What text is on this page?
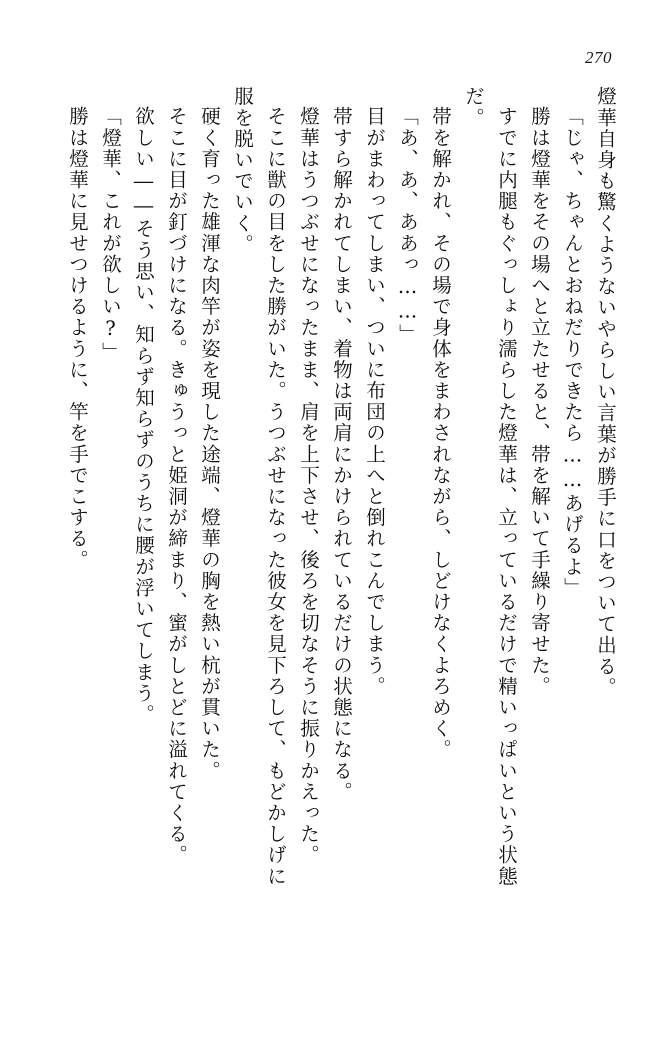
270
燈華自身も驚くようないやらしい言葉が勝手に口をついて出る。
「じゃ、ちゃんとおねだりできたら……あげるよ」
勝は燈華をその場へと立たせると、帯を解いて手繰り寄せた。
すでに内腿もぐっしょり濡らした燈華は、立っているだけで精いっぱいという状態
だ。
帯を解かれ、その場で身体をまわされながら、しどけなくよろめく。
「あ、あ、ああっ……」
目がまわってしまい、ついに布団の上へと倒れこんでしまう。
帯すら解かれてしまい、着物は両肩にかけられているだけの状態になる。
燈華はうつぶせになったまま、肩を上下させ、後ろを切なそうに振りかえった。
そこに獣の目をした勝がいた。うつぶせになった彼女を見下ろして、もどかしげに
服を脱いでいく。
硬く育った雄渾な肉竿が姿を現した途端、燈華の胸を熱い杭が貫いた。
そこに目が釘づけになる。きゅうっと姫洞が締まり、蜜がしとどに溢れてくる。
欲しい――そう思い、知らず知らずのうちに腰が浮いてしまう。
「燈華、これが欲しい?」
勝は燈華に見せつけるように、竿を手でこする。
